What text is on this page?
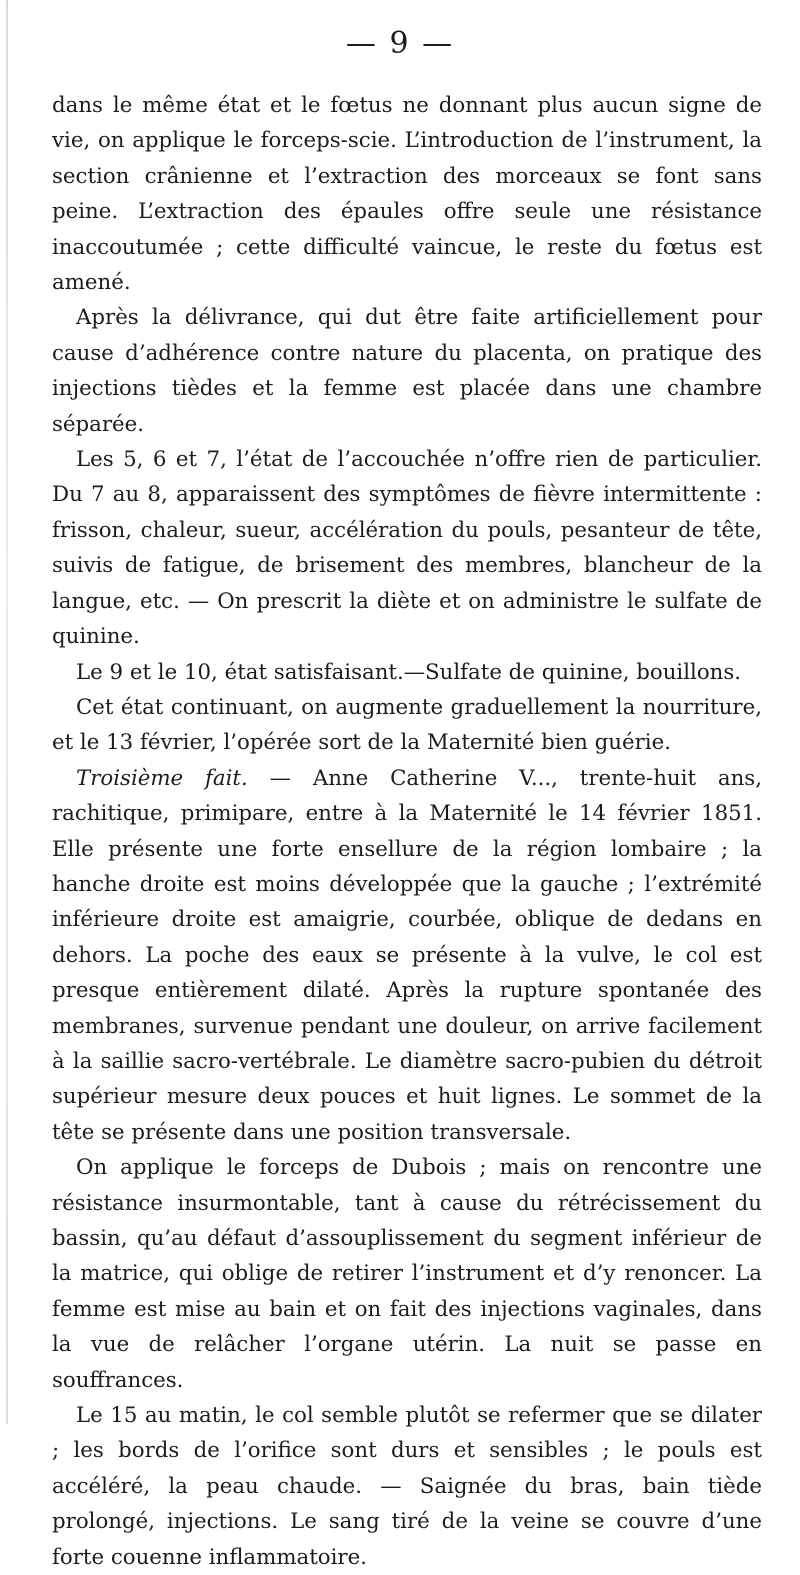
— 9 —

dans le même état et le fœtus ne donnant plus aucun signe de vie, on applique le forceps-scie. L’introduction de l’instrument, la section crânienne et l’extraction des morceaux se font sans peine. L’extraction des épaules offre seule une résistance inaccoutumée ; cette difficulté vaincue, le reste du fœtus est amené.

Après la délivrance, qui dut être faite artificiellement pour cause d’adhérence contre nature du placenta, on pratique des injections tièdes et la femme est placée dans une chambre séparée.

Les 5, 6 et 7, l’état de l’accouchée n’offre rien de particulier. Du 7 au 8, apparaissent des symptômes de fièvre intermittente : frisson, chaleur, sueur, accélération du pouls, pesanteur de tête, suivis de fatigue, de brisement des membres, blancheur de la langue, etc. — On prescrit la diète et on administre le sulfate de quinine.

Le 9 et le 10, état satisfaisant.—Sulfate de quinine, bouillons.

Cet état continuant, on augmente graduellement la nourriture, et le 13 février, l’opérée sort de la Maternité bien guérie.

Troisième fait. — Anne Catherine V..., trente-huit ans, rachitique, primipare, entre à la Maternité le 14 février 1851. Elle présente une forte ensellure de la région lombaire ; la hanche droite est moins développée que la gauche ; l’extrémité inférieure droite est amaigrie, courbée, oblique de dedans en dehors. La poche des eaux se présente à la vulve, le col est presque entièrement dilaté. Après la rupture spontanée des membranes, survenue pendant une douleur, on arrive facilement à la saillie sacro-vertébrale. Le diamètre sacro-pubien du détroit supérieur mesure deux pouces et huit lignes. Le sommet de la tête se présente dans une position transversale.

On applique le forceps de Dubois ; mais on rencontre une résistance insurmontable, tant à cause du rétrécissement du bassin, qu’au défaut d’assouplissement du segment inférieur de la matrice, qui oblige de retirer l’instrument et d’y renoncer. La femme est mise au bain et on fait des injections vaginales, dans la vue de relâcher l’organe utérin. La nuit se passe en souffrances.

Le 15 au matin, le col semble plutôt se refermer que se dilater ; les bords de l’orifice sont durs et sensibles ; le pouls est accéléré, la peau chaude. — Saignée du bras, bain tiède prolongé, injections. Le sang tiré de la veine se couvre d’une forte couenne inflammatoire.
